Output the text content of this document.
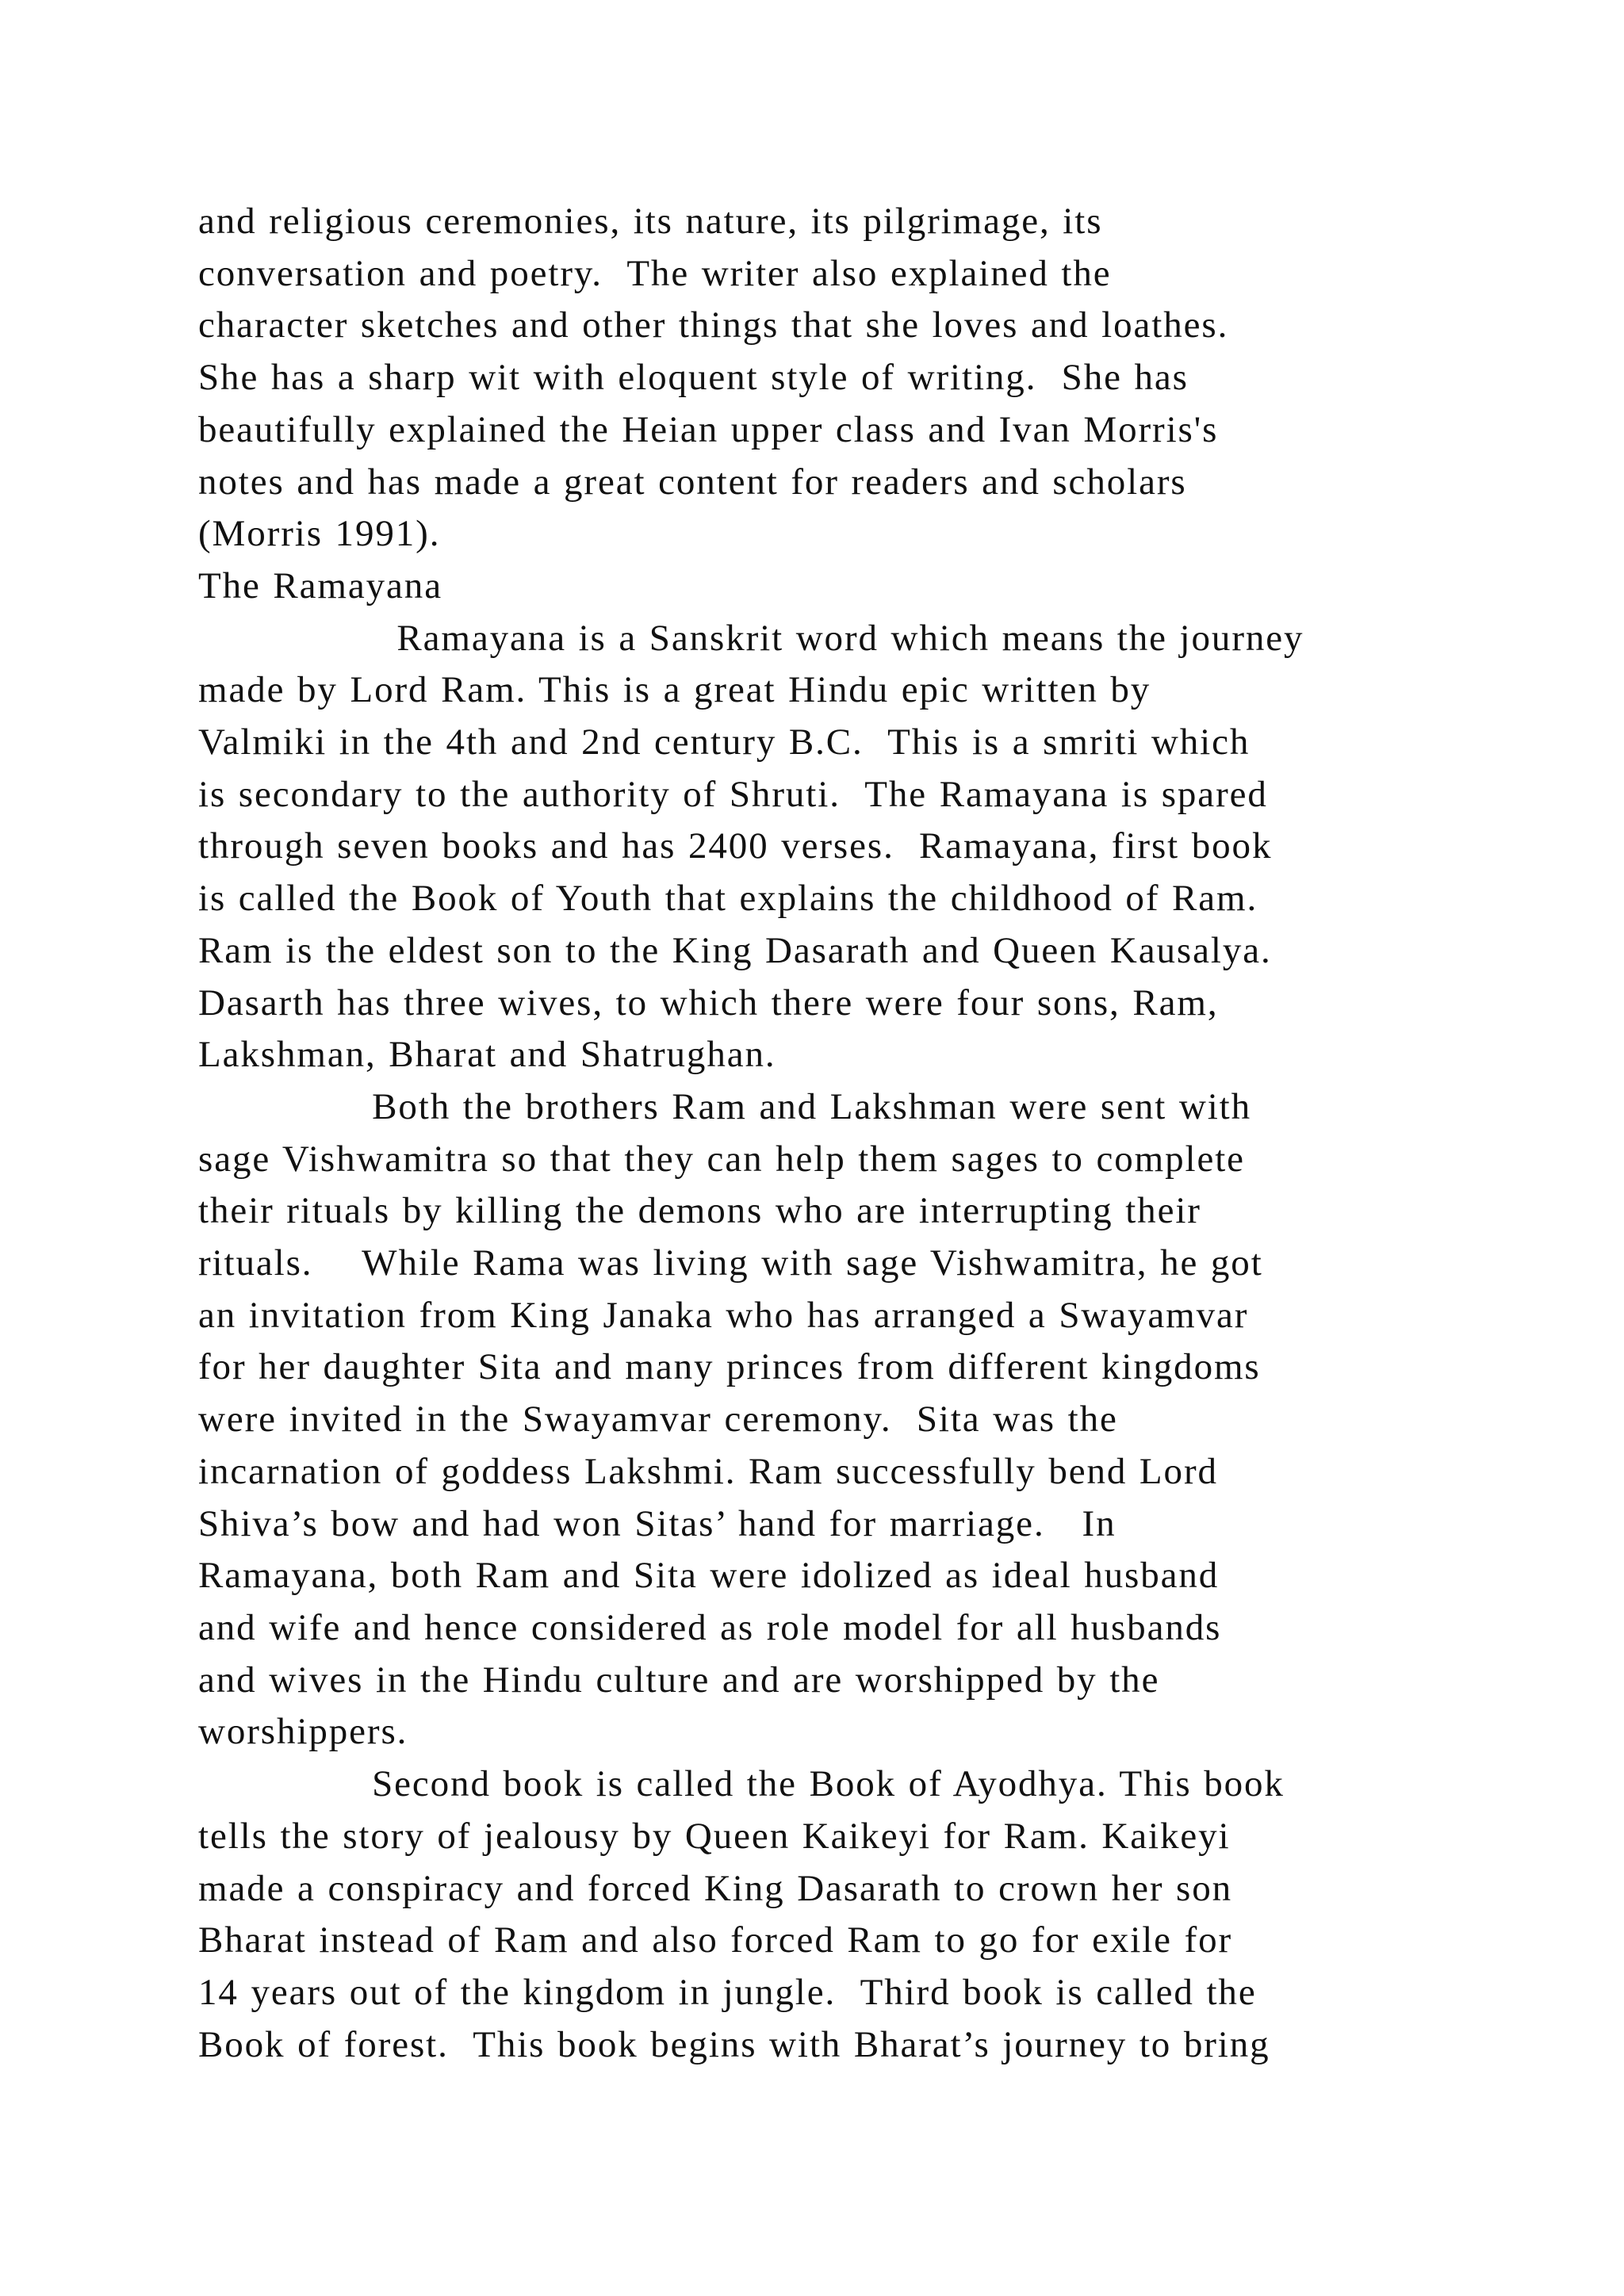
and religious ceremonies, its nature, its pilgrimage, its
conversation and poetry.  The writer also explained the
character sketches and other things that she loves and loathes.
She has a sharp wit with eloquent style of writing.  She has
beautifully explained the Heian upper class and Ivan Morris's
notes and has made a great content for readers and scholars
(Morris 1991).
The Ramayana
Ramayana is a Sanskrit word which means the journey
made by Lord Ram. This is a great Hindu epic written by
Valmiki in the 4th and 2nd century B.C.  This is a smriti which
is secondary to the authority of Shruti.  The Ramayana is spared
through seven books and has 2400 verses.  Ramayana, first book
is called the Book of Youth that explains the childhood of Ram.
Ram is the eldest son to the King Dasarath and Queen Kausalya.
Dasarth has three wives, to which there were four sons, Ram,
Lakshman, Bharat and Shatrughan.
Both the brothers Ram and Lakshman were sent with
sage Vishwamitra so that they can help them sages to complete
their rituals by killing the demons who are interrupting their
rituals.    While Rama was living with sage Vishwamitra, he got
an invitation from King Janaka who has arranged a Swayamvar
for her daughter Sita and many princes from different kingdoms
were invited in the Swayamvar ceremony.  Sita was the
incarnation of goddess Lakshmi. Ram successfully bend Lord
Shiva’s bow and had won Sitas’ hand for marriage.   In
Ramayana, both Ram and Sita were idolized as ideal husband
and wife and hence considered as role model for all husbands
and wives in the Hindu culture and are worshipped by the
worshippers.
Second book is called the Book of Ayodhya. This book
tells the story of jealousy by Queen Kaikeyi for Ram. Kaikeyi
made a conspiracy and forced King Dasarath to crown her son
Bharat instead of Ram and also forced Ram to go for exile for
14 years out of the kingdom in jungle.  Third book is called the
Book of forest.  This book begins with Bharat’s journey to bring
